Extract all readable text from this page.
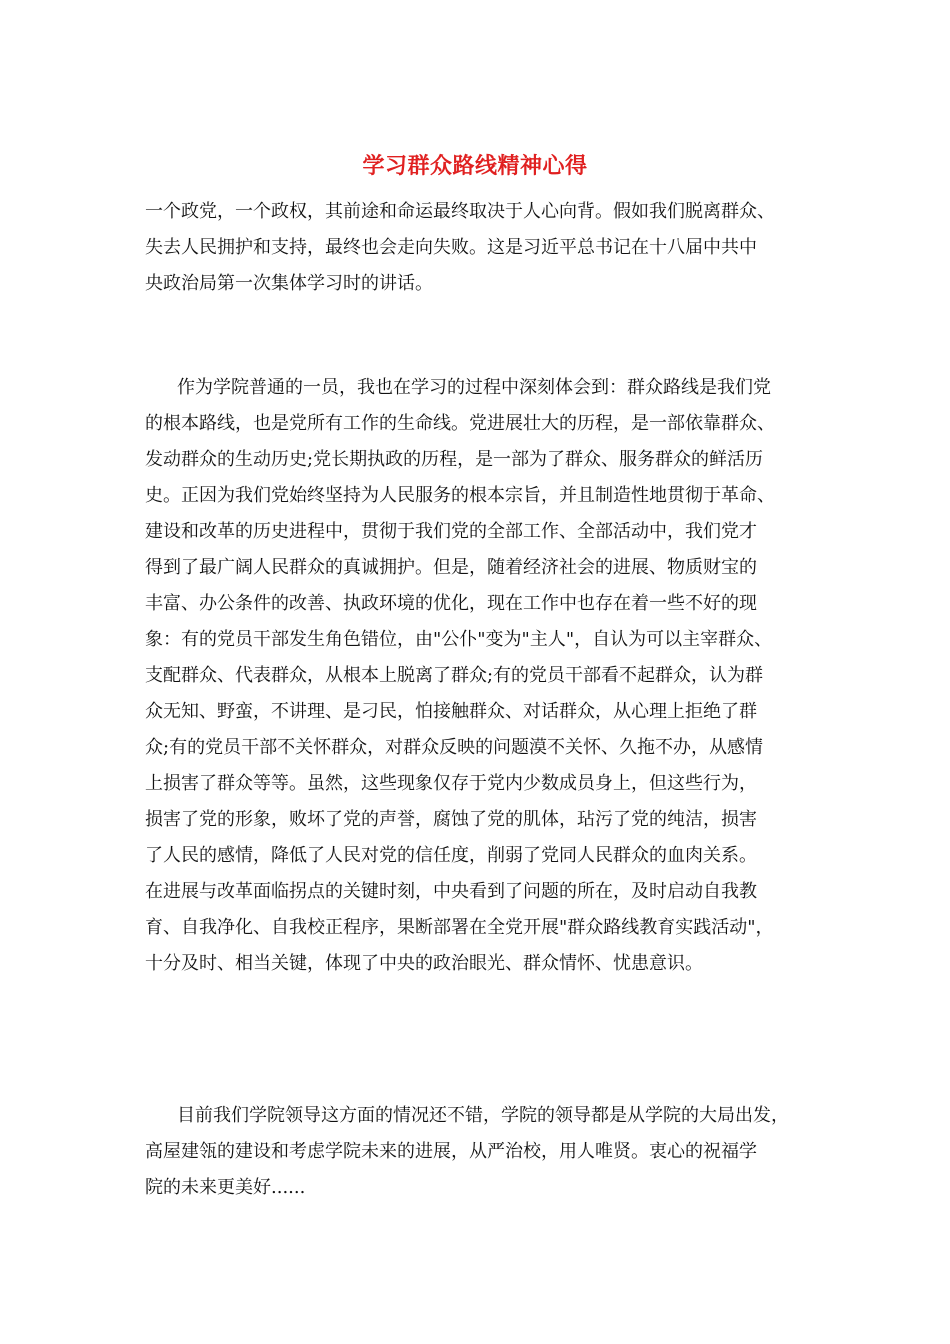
学习群众路线精神心得
一个政党，一个政权，其前途和命运最终取决于人心向背。假如我们脱离群众、
失去人民拥护和支持，最终也会走向失败。这是习近平总书记在十八届中共中
央政治局第一次集体学习时的讲话。
作为学院普通的一员，我也在学习的过程中深刻体会到：群众路线是我们党
的根本路线，也是党所有工作的生命线。党进展壮大的历程，是一部依靠群众、
发动群众的生动历史;党长期执政的历程，是一部为了群众、服务群众的鲜活历
史。正因为我们党始终坚持为人民服务的根本宗旨，并且制造性地贯彻于革命、
建设和改革的历史进程中，贯彻于我们党的全部工作、全部活动中，我们党才
得到了最广阔人民群众的真诚拥护。但是，随着经济社会的进展、物质财宝的
丰富、办公条件的改善、执政环境的优化，现在工作中也存在着一些不好的现
象：有的党员干部发生角色错位，由"公仆"变为"主人"，自认为可以主宰群众、
支配群众、代表群众，从根本上脱离了群众;有的党员干部看不起群众，认为群
众无知、野蛮，不讲理、是刁民，怕接触群众、对话群众，从心理上拒绝了群
众;有的党员干部不关怀群众，对群众反映的问题漠不关怀、久拖不办，从感情
上损害了群众等等。虽然，这些现象仅存于党内少数成员身上，但这些行为，
损害了党的形象，败坏了党的声誉，腐蚀了党的肌体，玷污了党的纯洁，损害
了人民的感情，降低了人民对党的信任度，削弱了党同人民群众的血肉关系。
在进展与改革面临拐点的关键时刻，中央看到了问题的所在，及时启动自我教
育、自我净化、自我校正程序，果断部署在全党开展"群众路线教育实践活动"，
十分及时、相当关键，体现了中央的政治眼光、群众情怀、忧患意识。
目前我们学院领导这方面的情况还不错，学院的领导都是从学院的大局出发，
高屋建瓴的建设和考虑学院未来的进展，从严治校，用人唯贤。衷心的祝福学
院的未来更美好......
